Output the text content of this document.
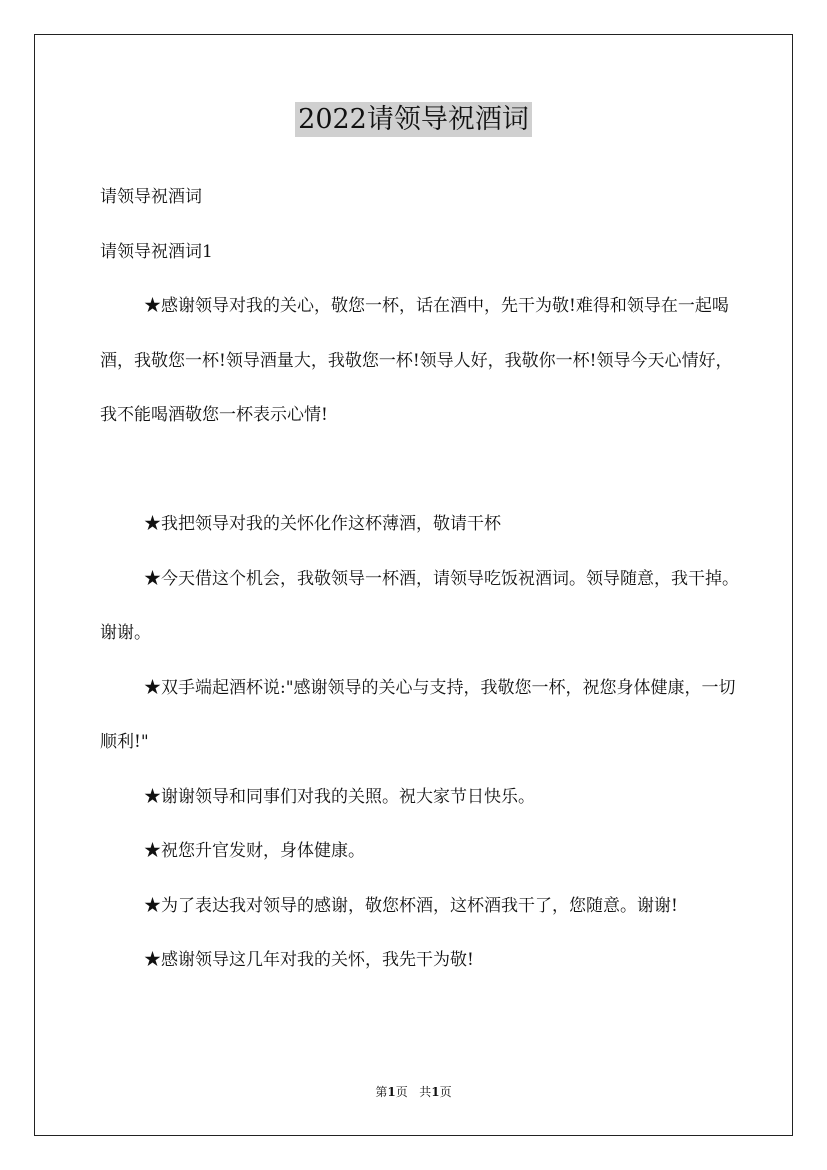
2022请领导祝酒词

请领导祝酒词

请领导祝酒词1

★感谢领导对我的关心，敬您一杯，话在酒中，先干为敬!难得和领导在一起喝酒，我敬您一杯!领导酒量大，我敬您一杯!领导人好，我敬你一杯!领导今天心情好，我不能喝酒敬您一杯表示心情!

★我把领导对我的关怀化作这杯薄酒，敬请干杯

★今天借这个机会，我敬领导一杯酒，请领导吃饭祝酒词。领导随意，我干掉。谢谢。

★双手端起酒杯说:"感谢领导的关心与支持，我敬您一杯，祝您身体健康，一切顺利!"

★谢谢领导和同事们对我的关照。祝大家节日快乐。

★祝您升官发财，身体健康。

★为了表达我对领导的感谢，敬您杯酒，这杯酒我干了，您随意。谢谢!

★感谢领导这几年对我的关怀，我先干为敬!

第1页 共1页
